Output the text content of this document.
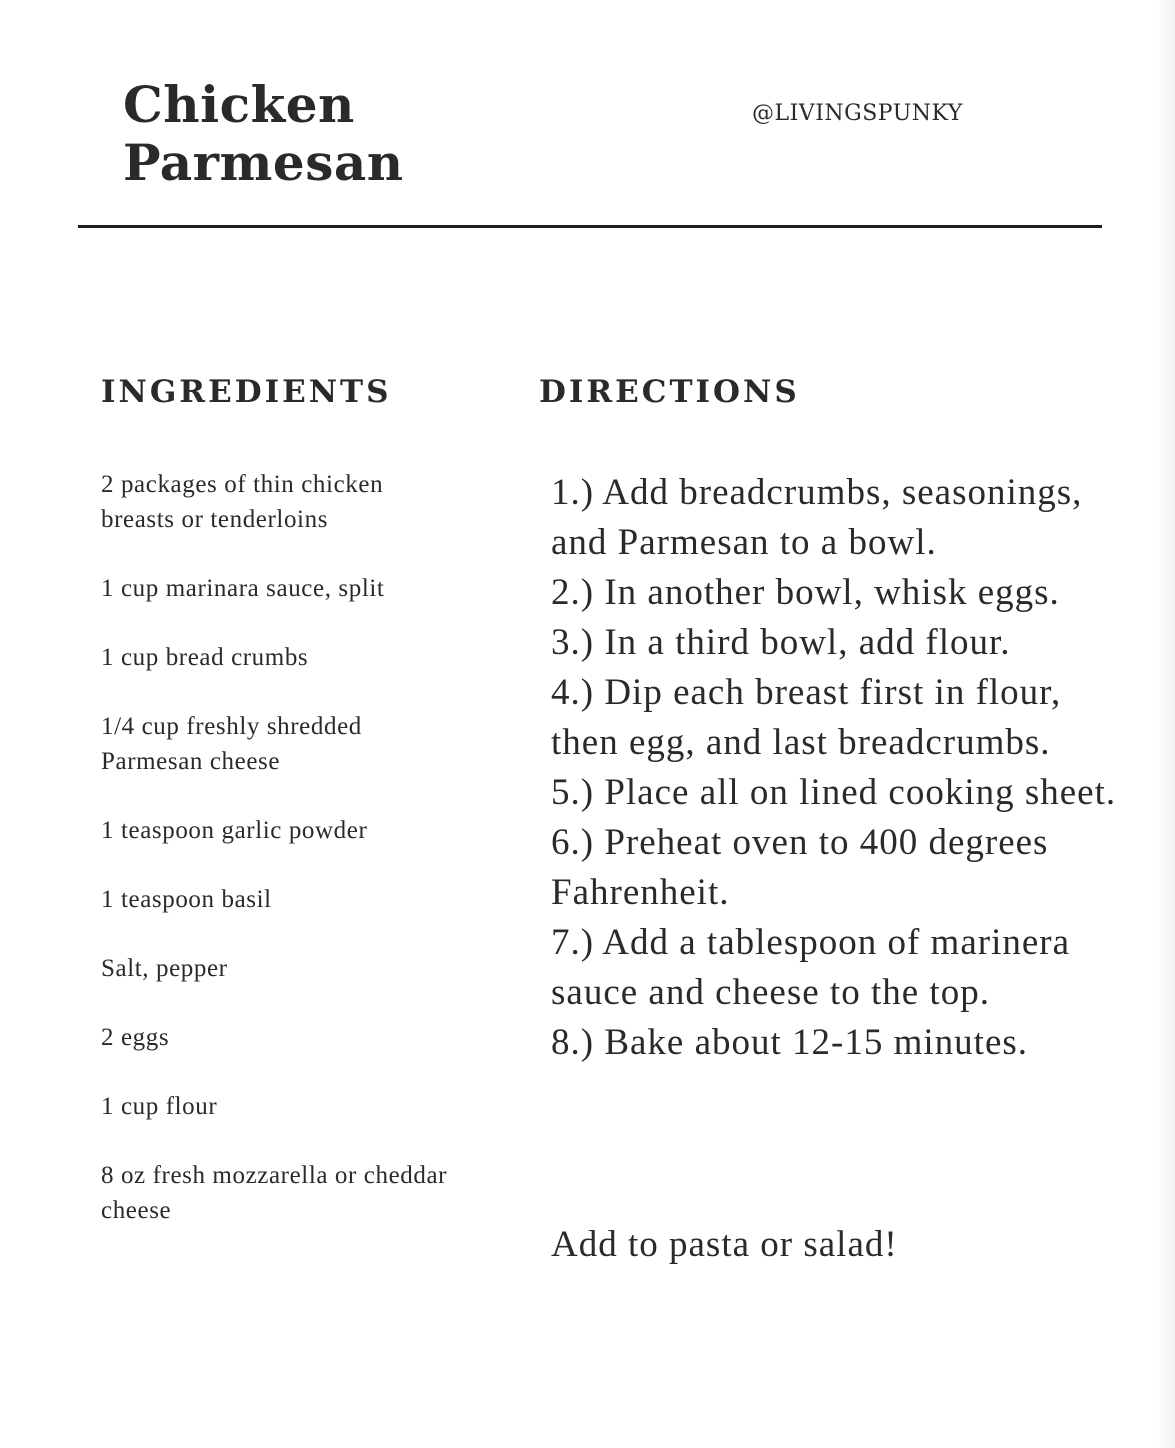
Chicken
Parmesan
@LIVINGSPUNKY
INGREDIENTS	DIRECTIONS
2 packages of thin chicken breasts or tenderloins
1 cup marinara sauce, split
1 cup bread crumbs
1/4 cup freshly shredded Parmesan cheese
1 teaspoon garlic powder
1 teaspoon basil
Salt, pepper
2 eggs
1 cup flour
8 oz fresh mozzarella or cheddar cheese
1.) Add breadcrumbs, seasonings, and Parmesan to a bowl.
2.) In another bowl, whisk eggs.
3.) In a third bowl, add flour.
4.) Dip each breast first in flour, then egg, and last breadcrumbs.
5.) Place all on lined cooking sheet.
6.) Preheat oven to 400 degrees Fahrenheit.
7.) Add a tablespoon of marinera sauce and cheese to the top.
8.) Bake about 12-15 minutes.

Add to pasta or salad!
